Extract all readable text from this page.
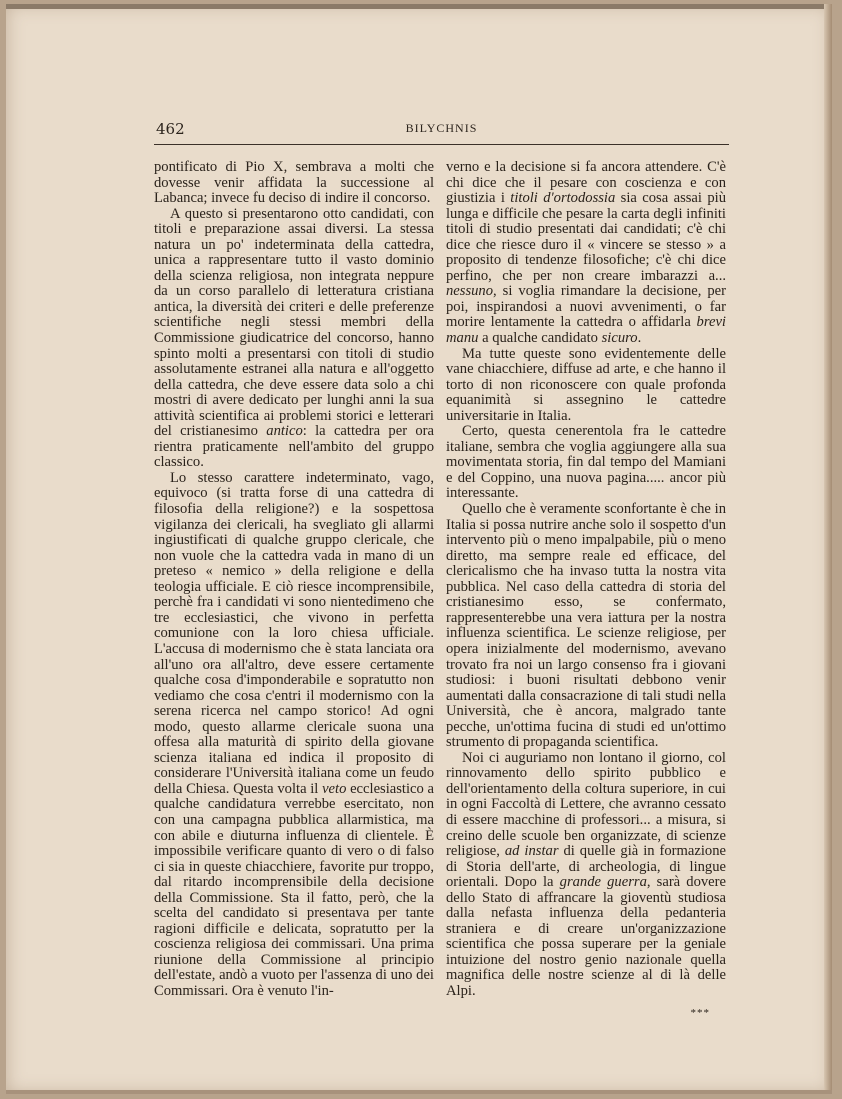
462	BILYCHNIS

pontificato di Pio X, sembrava a molti che dovesse venir affidata la successione al Labanca; invece fu deciso di indire il concorso.

A questo si presentarono otto candidati, con titoli e preparazione assai diversi. La stessa natura un po' indeterminata della cattedra, unica a rappresentare tutto il vasto dominio della scienza religiosa, non integrata neppure da un corso parallelo di letteratura cristiana antica, la diversità dei criteri e delle preferenze scientifiche negli stessi membri della Commissione giudicatrice del concorso, hanno spinto molti a presentarsi con titoli di studio assolutamente estranei alla natura e all'oggetto della cattedra, che deve essere data solo a chi mostri di avere dedicato per lunghi anni la sua attività scientifica ai problemi storici e letterari del cristianesimo antico: la cattedra per ora rientra praticamente nell'ambito del gruppo classico.

Lo stesso carattere indeterminato, vago, equivoco (si tratta forse di una cattedra di filosofia della religione?) e la sospettosa vigilanza dei clericali, ha svegliato gli allarmi ingiustificati di qualche gruppo clericale, che non vuole che la cattedra vada in mano di un preteso « nemico » della religione e della teologia ufficiale. E ciò riesce incomprensibile, perchè fra i candidati vi sono nientedimeno che tre ecclesiastici, che vivono in perfetta comunione con la loro chiesa ufficiale. L'accusa di modernismo che è stata lanciata ora all'uno ora all'altro, deve essere certamente qualche cosa d'imponderabile e sopratutto non vediamo che cosa c'entri il modernismo con la serena ricerca nel campo storico! Ad ogni modo, questo allarme clericale suona una offesa alla maturità di spirito della giovane scienza italiana ed indica il proposito di considerare l'Università italiana come un feudo della Chiesa. Questa volta il veto ecclesiastico a qualche candidatura verrebbe esercitato, non con una campagna pubblica allarmistica, ma con abile e diuturna influenza di clientele. È impossibile verificare quanto di vero o di falso ci sia in queste chiacchiere, favorite pur troppo, dal ritardo incomprensibile della decisione della Commissione. Sta il fatto, però, che la scelta del candidato si presentava per tante ragioni difficile e delicata, sopratutto per la coscienza religiosa dei commissari. Una prima riunione della Commissione al principio dell'estate, andò a vuoto per l'assenza di uno dei Commissari. Ora è venuto l'in-

verno e la decisione si fa ancora attendere. C'è chi dice che il pesare con coscienza e con giustizia i titoli d'ortodossia sia cosa assai più lunga e difficile che pesare la carta degli infiniti titoli di studio presentati dai candidati; c'è chi dice che riesce duro il « vincere se stesso » a proposito di tendenze filosofiche; c'è chi dice perfino, che per non creare imbarazzi a... nessuno, si voglia rimandare la decisione, per poi, inspirandosi a nuovi avvenimenti, o far morire lentamente la cattedra o affidarla brevi manu a qualche candidato sicuro.

Ma tutte queste sono evidentemente delle vane chiacchiere, diffuse ad arte, e che hanno il torto di non riconoscere con quale profonda equanimità si assegnino le cattedre universitarie in Italia.

Certo, questa cenerentola fra le cattedre italiane, sembra che voglia aggiungere alla sua movimentata storia, fin dal tempo del Mamiani e del Coppino, una nuova pagina..... ancor più interessante.

Quello che è veramente sconfortante è che in Italia si possa nutrire anche solo il sospetto d'un intervento più o meno impalpabile, più o meno diretto, ma sempre reale ed efficace, del clericalismo che ha invaso tutta la nostra vita pubblica. Nel caso della cattedra di storia del cristianesimo esso, se confermato, rappresenterebbe una vera iattura per la nostra influenza scientifica. Le scienze religiose, per opera inizialmente del modernismo, avevano trovato fra noi un largo consenso fra i giovani studiosi: i buoni risultati debbono venir aumentati dalla consacrazione di tali studi nella Università, che è ancora, malgrado tante pecche, un'ottima fucina di studi ed un'ottimo strumento di propaganda scientifica.

Noi ci auguriamo non lontano il giorno, col rinnovamento dello spirito pubblico e dell'orientamento della coltura superiore, in cui in ogni Faccoltà di Lettere, che avranno cessato di essere macchine di professori... a misura, si creino delle scuole ben organizzate, di scienze religiose, ad instar di quelle già in formazione di Storia dell'arte, di archeologia, di lingue orientali. Dopo la grande guerra, sarà dovere dello Stato di affrancare la gioventù studiosa dalla nefasta influenza della pedanteria straniera e di creare un'organizzazione scientifica che possa superare per la geniale intuizione del nostro genio nazionale quella magnifica delle nostre scienze al di là delle Alpi.

***
